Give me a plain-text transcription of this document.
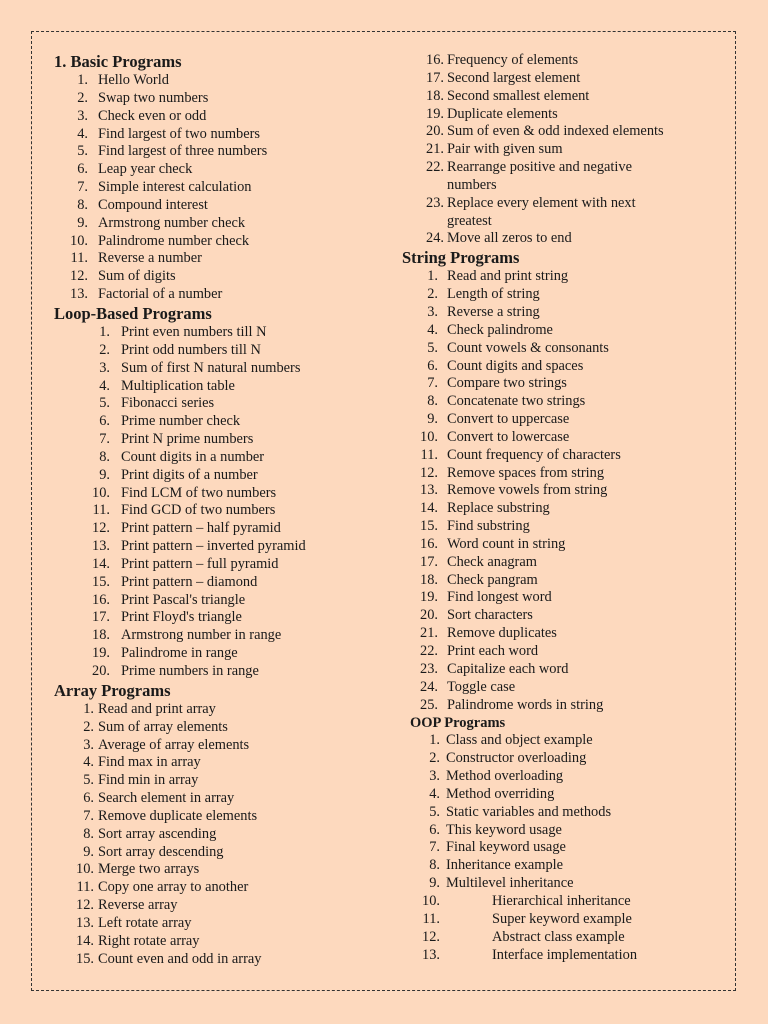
1. Basic Programs
1. Hello World
2. Swap two numbers
3. Check even or odd
4. Find largest of two numbers
5. Find largest of three numbers
6. Leap year check
7. Simple interest calculation
8. Compound interest
9. Armstrong number check
10. Palindrome number check
11. Reverse a number
12. Sum of digits
13. Factorial of a number
Loop-Based Programs
1. Print even numbers till N
2. Print odd numbers till N
3. Sum of first N natural numbers
4. Multiplication table
5. Fibonacci series
6. Prime number check
7. Print N prime numbers
8. Count digits in a number
9. Print digits of a number
10. Find LCM of two numbers
11. Find GCD of two numbers
12. Print pattern – half pyramid
13. Print pattern – inverted pyramid
14. Print pattern – full pyramid
15. Print pattern – diamond
16. Print Pascal's triangle
17. Print Floyd's triangle
18. Armstrong number in range
19. Palindrome in range
20. Prime numbers in range
Array Programs
1. Read and print array
2. Sum of array elements
3. Average of array elements
4. Find max in array
5. Find min in array
6. Search element in array
7. Remove duplicate elements
8. Sort array ascending
9. Sort array descending
10. Merge two arrays
11. Copy one array to another
12. Reverse array
13. Left rotate array
14. Right rotate array
15. Count even and odd in array
16. Frequency of elements
17. Second largest element
18. Second smallest element
19. Duplicate elements
20. Sum of even & odd indexed elements
21. Pair with given sum
22. Rearrange positive and negative numbers
23. Replace every element with next greatest
24. Move all zeros to end
String Programs
1. Read and print string
2. Length of string
3. Reverse a string
4. Check palindrome
5. Count vowels & consonants
6. Count digits and spaces
7. Compare two strings
8. Concatenate two strings
9. Convert to uppercase
10. Convert to lowercase
11. Count frequency of characters
12. Remove spaces from string
13. Remove vowels from string
14. Replace substring
15. Find substring
16. Word count in string
17. Check anagram
18. Check pangram
19. Find longest word
20. Sort characters
21. Remove duplicates
22. Print each word
23. Capitalize each word
24. Toggle case
25. Palindrome words in string
OOP Programs
1. Class and object example
2. Constructor overloading
3. Method overloading
4. Method overriding
5. Static variables and methods
6. This keyword usage
7. Final keyword usage
8. Inheritance example
9. Multilevel inheritance
10.	Hierarchical inheritance
11.	Super keyword example
12.	Abstract class example
13.	Interface implementation
